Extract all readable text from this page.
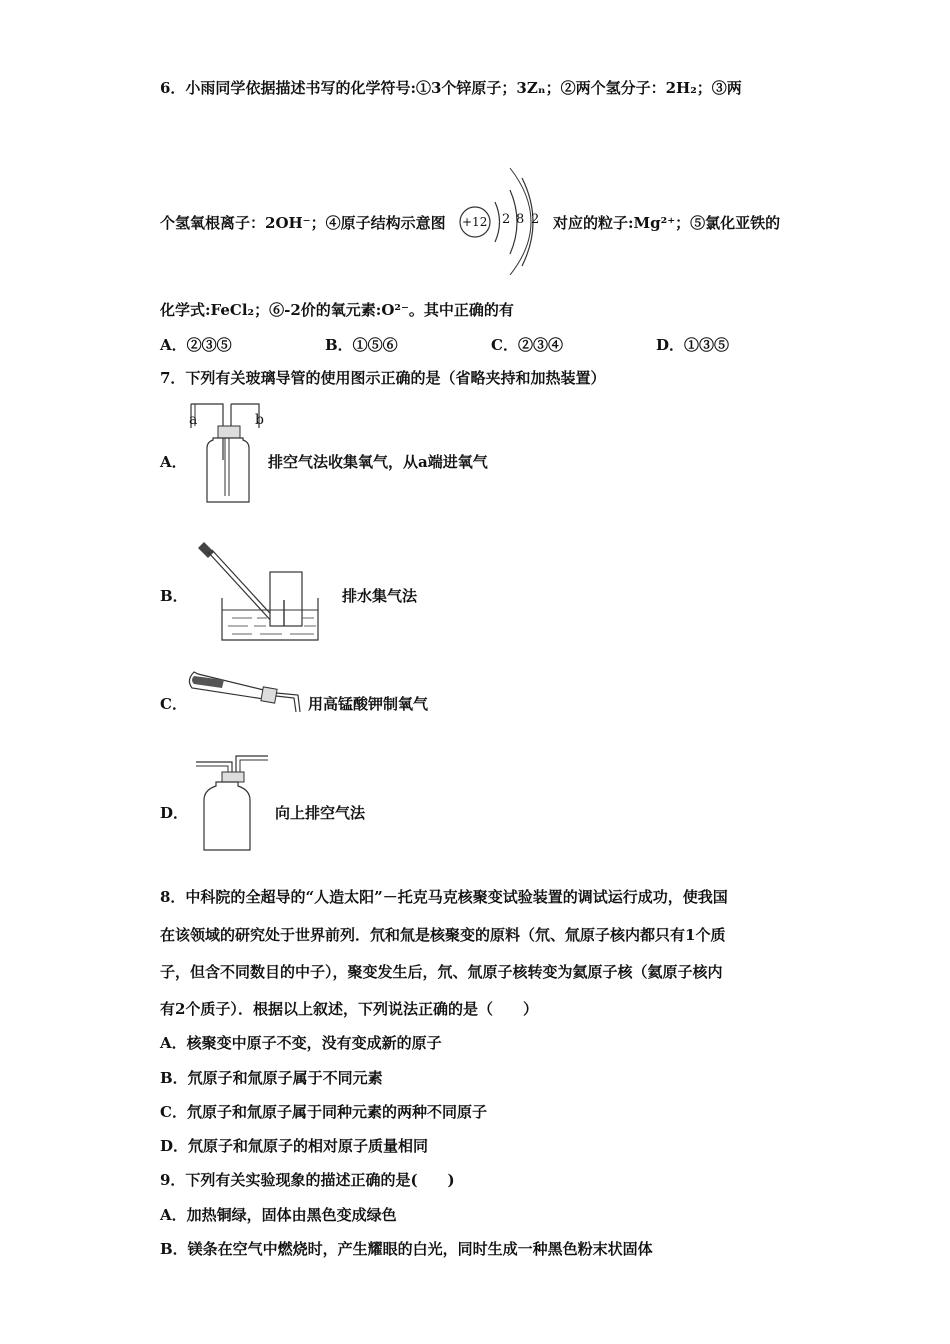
6．小雨同学依据描述书写的化学符号:①3个锌原子；3Zₙ；②两个氢分子：2H₂；③两
个氢氧根离子：2OH⁻；④原子结构示意图 +12 2 8 2 对应的粒子:Mg²⁺；⑤氯化亚铁的
化学式:FeCl₂；⑥-2价的氧元素:O²⁻。其中正确的有
A．②③⑤	B．①⑤⑥	C．②③④	D．①③⑤
7．下列有关玻璃导管的使用图示正确的是（省略夹持和加热装置）
A．
a	b
排空气法收集氧气，从a端进氧气
B．	排水集气法
C．	用高锰酸钾制氧气
D．	向上排空气法
8．中科院的全超导的“人造太阳”－托克马克核聚变试验装置的调试运行成功，使我国
在该领域的研究处于世界前列．氘和氚是核聚变的原料（氘、氚原子核内都只有1个质
子，但含不同数目的中子），聚变发生后，氘、氚原子核转变为氦原子核（氦原子核内
有2个质子）．根据以上叙述，下列说法正确的是（　　）
A．核聚变中原子不变，没有变成新的原子
B．氘原子和氚原子属于不同元素
C．氘原子和氚原子属于同种元素的两种不同原子
D．氘原子和氚原子的相对原子质量相同
9．下列有关实验现象的描述正确的是(　　)
A．加热铜绿，固体由黑色变成绿色
B．镁条在空气中燃烧时，产生耀眼的白光，同时生成一种黑色粉末状固体
